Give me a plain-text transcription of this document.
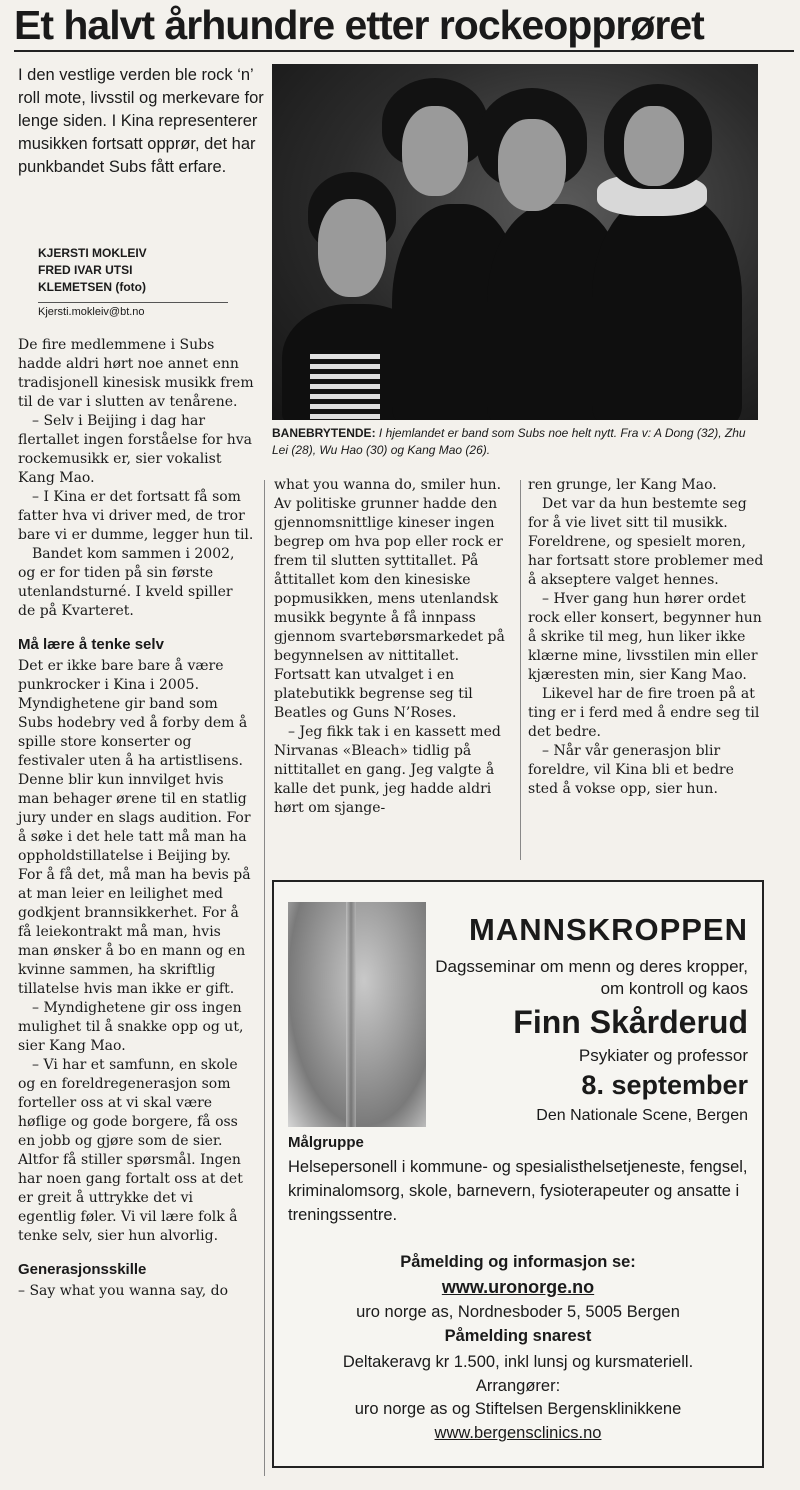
Et halvt århundre etter rockeopprøret
I den vestlige verden ble rock ‘n’ roll mote, livsstil og merkevare for lenge siden. I Kina representerer musikken fortsatt opprør, det har punkbandet Subs fått erfare.
KJERSTI MOKLEIV
FRED IVAR UTSI
KLEMETSEN (foto)
Kjersti.mokleiv@bt.no
BANEBRYTENDE: I hjemlandet er band som Subs noe helt nytt. Fra v: A Dong (32), Zhu Lei (28), Wu Hao (30) og Kang Mao (26).

De fire medlemmene i Subs hadde aldri hørt noe annet enn tradisjonell kinesisk musikk frem til de var i slutten av tenårene.

– Selv i Beijing i dag har flertallet ingen forståelse for hva rockemusikk er, sier vokalist Kang Mao.

– I Kina er det fortsatt få som fatter hva vi driver med, de tror bare vi er dumme, legger hun til.

Bandet kom sammen i 2002, og er for tiden på sin første utenlandsturné. I kveld spiller de på Kvarteret.

Må lære å tenke selv

Det er ikke bare bare å være punkrocker i Kina i 2005. Myndighetene gir band som Subs hodebry ved å forby dem å spille store konserter og festivaler uten å ha artistlisens. Denne blir kun innvilget hvis man behager ørene til en statlig jury under en slags audition. For å søke i det hele tatt må man ha oppholdstillatelse i Beijing by. For å få det, må man ha bevis på at man leier en leilighet med godkjent brannsikkerhet. For å få leiekontrakt må man, hvis man ønsker å bo en mann og en kvinne sammen, ha skriftlig tillatelse hvis man ikke er gift.

– Myndighetene gir oss ingen mulighet til å snakke opp og ut, sier Kang Mao.

– Vi har et samfunn, en skole og en foreldregenerasjon som forteller oss at vi skal være høflige og gode borgere, få oss en jobb og gjøre som de sier. Altfor få stiller spørsmål. Ingen har noen gang fortalt oss at det er greit å uttrykke det vi egentlig føler. Vi vil lære folk å tenke selv, sier hun alvorlig.

Generasjonsskille

– Say what you wanna say, do

what you wanna do, smiler hun. Av politiske grunner hadde den gjennomsnittlige kineser ingen begrep om hva pop eller rock er frem til slutten syttitallet. På åttitallet kom den kinesiske popmusikken, mens utenlandsk musikk begynte å få innpass gjennom svartebørsmarkedet på begynnelsen av nittitallet. Fortsatt kan utvalget i en platebutikk begrense seg til Beatles og Guns N’Roses.

– Jeg fikk tak i en kassett med Nirvanas «Bleach» tidlig på nittitallet en gang. Jeg valgte å kalle det punk, jeg hadde aldri hørt om sjange-

ren grunge, ler Kang Mao.

Det var da hun bestemte seg for å vie livet sitt til musikk. Foreldrene, og spesielt moren, har fortsatt store problemer med å akseptere valget hennes.

– Hver gang hun hører ordet rock eller konsert, begynner hun å skrike til meg, hun liker ikke klærne mine, livsstilen min eller kjæresten min, sier Kang Mao.

Likevel har de fire troen på at ting er i ferd med å endre seg til det bedre.

– Når vår generasjon blir foreldre, vil Kina bli et bedre sted å vokse opp, sier hun.

MANNSKROPPEN
Dagsseminar om menn og deres kropper, om kontroll og kaos
Finn Skårderud
Psykiater og professor
8. september
Den Nationale Scene, Bergen
Målgruppe
Helsepersonell i kommune- og spesialisthelsetjeneste, fengsel, kriminalomsorg, skole, barnevern, fysioterapeuter og ansatte i treningssentre.
Påmelding og informasjon se:
www.uronorge.no
uro norge as, Nordnesboder 5, 5005 Bergen
Påmelding snarest
Deltakeravg kr 1.500, inkl lunsj og kursmateriell.
Arrangører:
uro norge as og Stiftelsen Bergensklinikkene
www.bergensclinics.no
